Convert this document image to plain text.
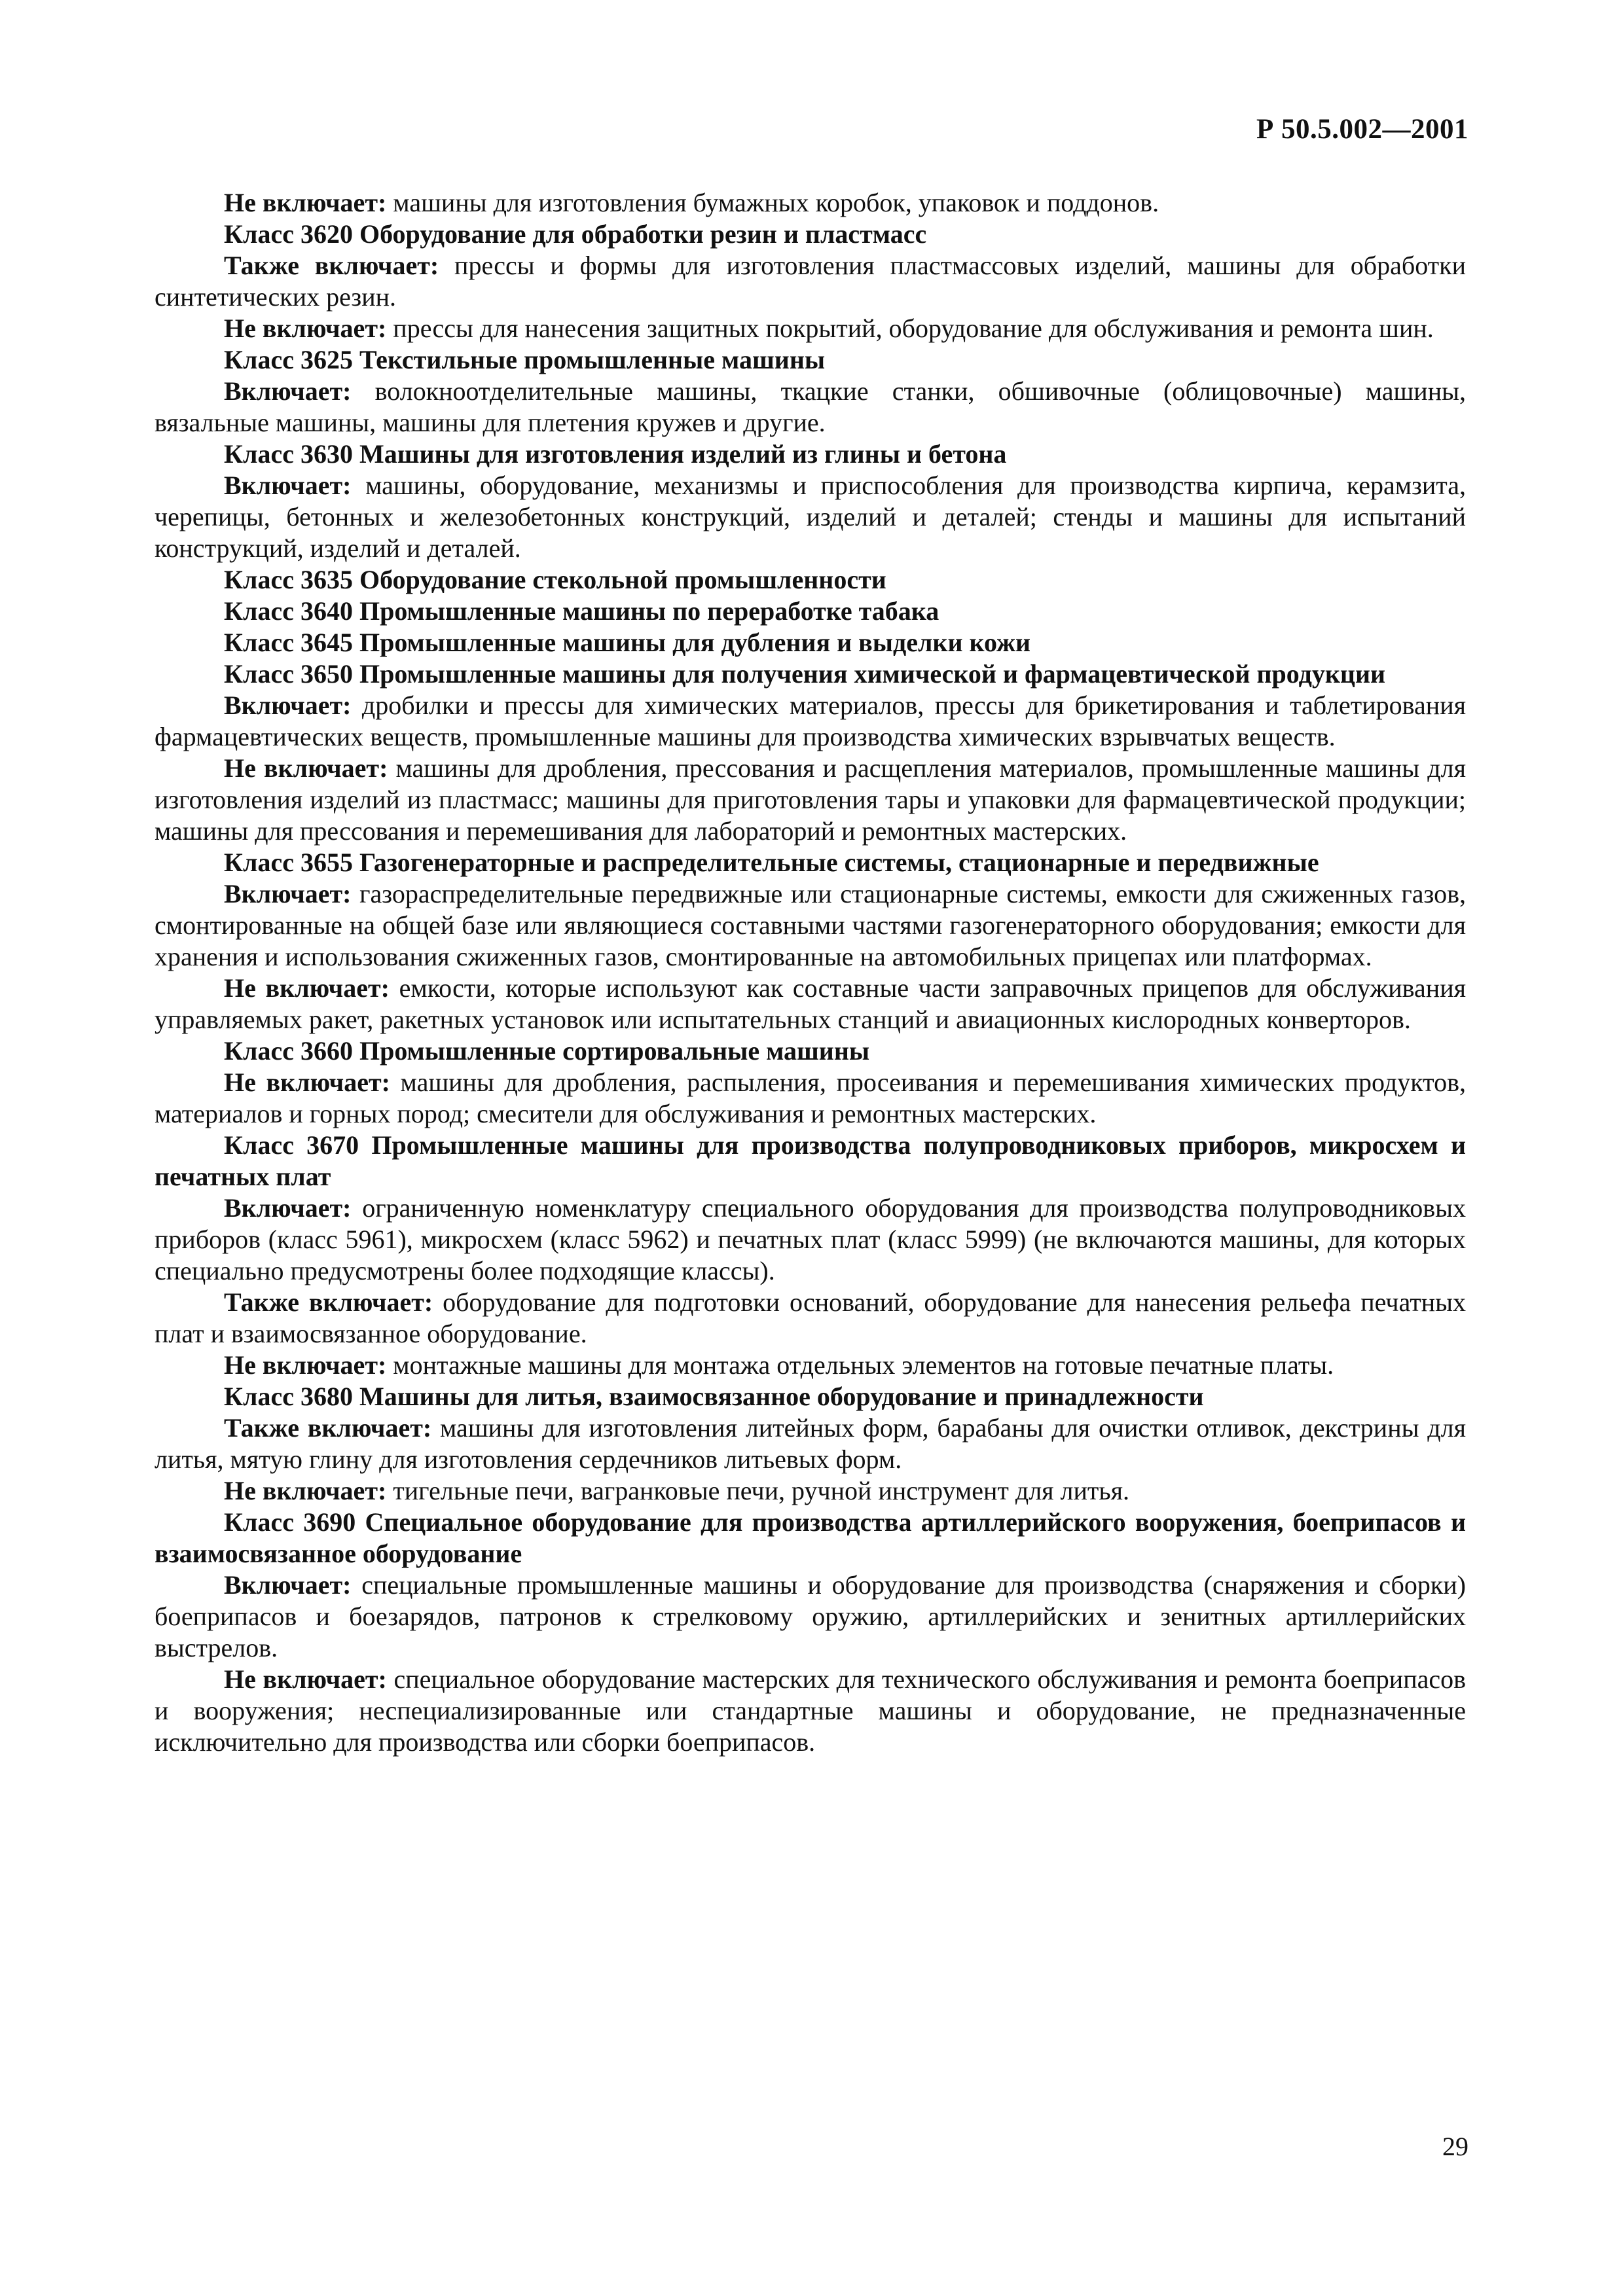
Р 50.5.002—2001

Не включает: машины для изготовления бумажных коробок, упаковок и поддонов.

Класс 3620 Оборудование для обработки резин и пластмасс

Также включает: прессы и формы для изготовления пластмассовых изделий, машины для обработки синтетических резин.

Не включает: прессы для нанесения защитных покрытий, оборудование для обслуживания и ремонта шин.

Класс 3625 Текстильные промышленные машины

Включает: волокноотделительные машины, ткацкие станки, обшивочные (облицовочные) машины, вязальные машины, машины для плетения кружев и другие.

Класс 3630 Машины для изготовления изделий из глины и бетона

Включает: машины, оборудование, механизмы и приспособления для производства кирпича, керамзита, черепицы, бетонных и железобетонных конструкций, изделий и деталей; стенды и машины для испытаний конструкций, изделий и деталей.

Класс 3635 Оборудование стекольной промышленности

Класс 3640 Промышленные машины по переработке табака

Класс 3645 Промышленные машины для дубления и выделки кожи

Класс 3650 Промышленные машины для получения химической и фармацевтической продукции

Включает: дробилки и прессы для химических материалов, прессы для брикетирования и таблетирования фармацевтических веществ, промышленные машины для производства химических взрывчатых веществ.

Не включает: машины для дробления, прессования и расщепления материалов, промышленные машины для изготовления изделий из пластмасс; машины для приготовления тары и упаковки для фармацевтической продукции; машины для прессования и перемешивания для лабораторий и ремонтных мастерских.

Класс 3655 Газогенераторные и распределительные системы, стационарные и передвижные

Включает: газораспределительные передвижные или стационарные системы, емкости для сжиженных газов, смонтированные на общей базе или являющиеся составными частями газогенераторного оборудования; емкости для хранения и использования сжиженных газов, смонтированные на автомобильных прицепах или платформах.

Не включает: емкости, которые используют как составные части заправочных прицепов для обслуживания управляемых ракет, ракетных установок или испытательных станций и авиационных кислородных конверторов.

Класс 3660 Промышленные сортировальные машины

Не включает: машины для дробления, распыления, просеивания и перемешивания химических продуктов, материалов и горных пород; смесители для обслуживания и ремонтных мастерских.

Класс 3670 Промышленные машины для производства полупроводниковых приборов, микросхем и печатных плат

Включает: ограниченную номенклатуру специального оборудования для производства полупроводниковых приборов (класс 5961), микросхем (класс 5962) и печатных плат (класс 5999) (не включаются машины, для которых специально предусмотрены более подходящие классы).

Также включает: оборудование для подготовки оснований, оборудование для нанесения рельефа печатных плат и взаимосвязанное оборудование.

Не включает: монтажные машины для монтажа отдельных элементов на готовые печатные платы.

Класс 3680 Машины для литья, взаимосвязанное оборудование и принадлежности

Также включает: машины для изготовления литейных форм, барабаны для очистки отливок, декстрины для литья, мятую глину для изготовления сердечников литьевых форм.

Не включает: тигельные печи, вагранковые печи, ручной инструмент для литья.

Класс 3690 Специальное оборудование для производства артиллерийского вооружения, боеприпасов и взаимосвязанное оборудование

Включает: специальные промышленные машины и оборудование для производства (снаряжения и сборки) боеприпасов и боезарядов, патронов к стрелковому оружию, артиллерийских и зенитных артиллерийских выстрелов.

Не включает: специальное оборудование мастерских для технического обслуживания и ремонта боеприпасов и вооружения; неспециализированные или стандартные машины и оборудование, не предназначенные исключительно для производства или сборки боеприпасов.

29
